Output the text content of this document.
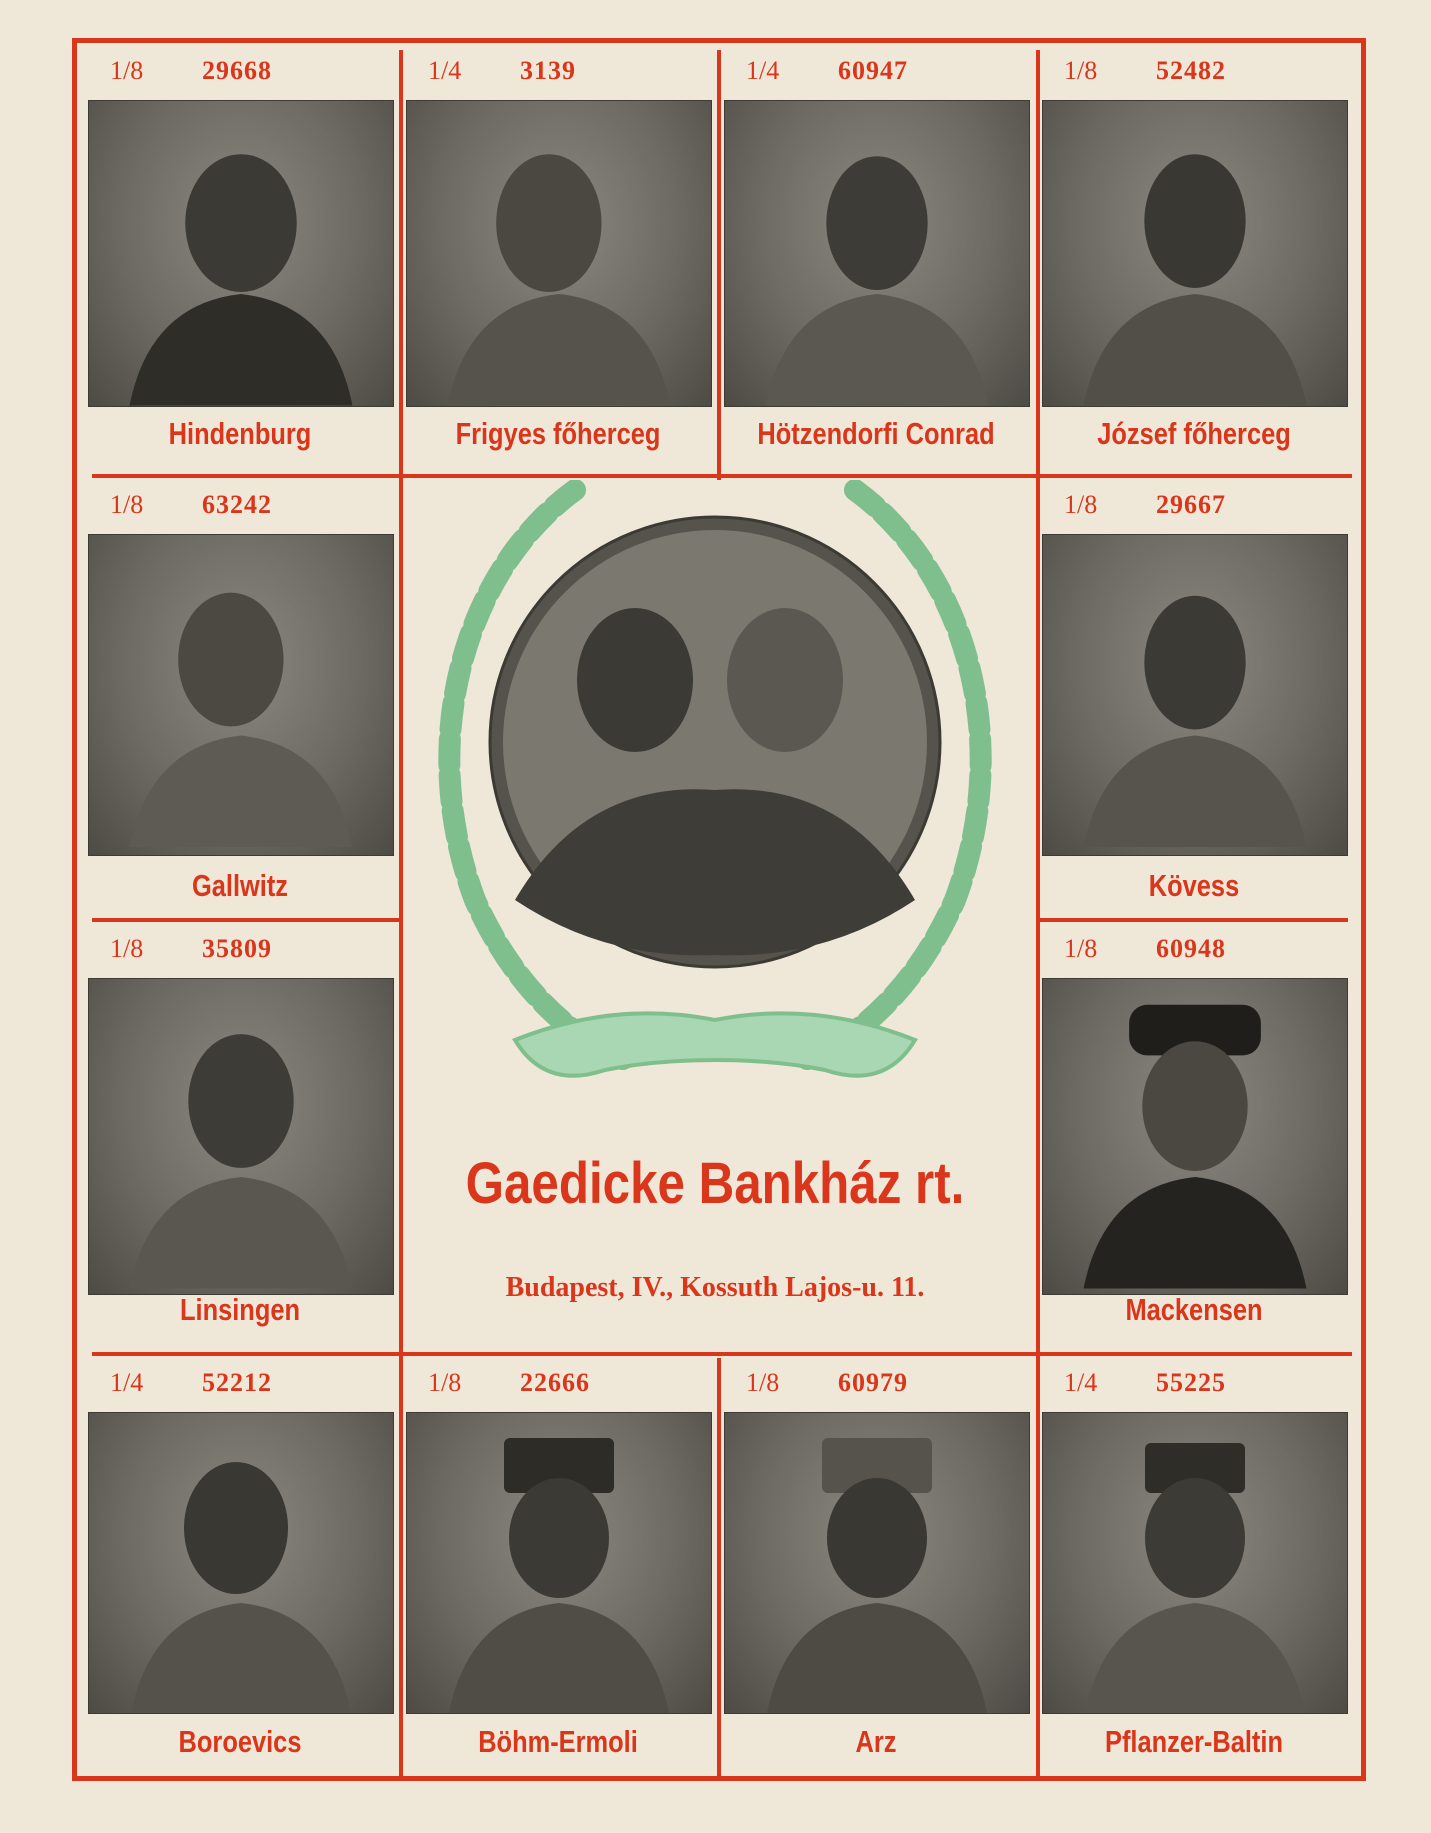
1/8 29668
Hindenburg
1/4 3139
Frigyes főherceg
1/4 60947
Hötzendorfi Conrad
1/8 52482
József főherceg
1/8 63242
Gallwitz
1/8 29667
Kövess
1/8 35809
Linsingen
1/8 60948
Mackensen
1/4 52212
Boroevics
1/8 22666
Böhm-Ermoli
1/8 60979
Arz
1/4 55225
Pflanzer-Baltin
Gaedicke Bankház rt.
Budapest, IV., Kossuth Lajos-u. 11.
